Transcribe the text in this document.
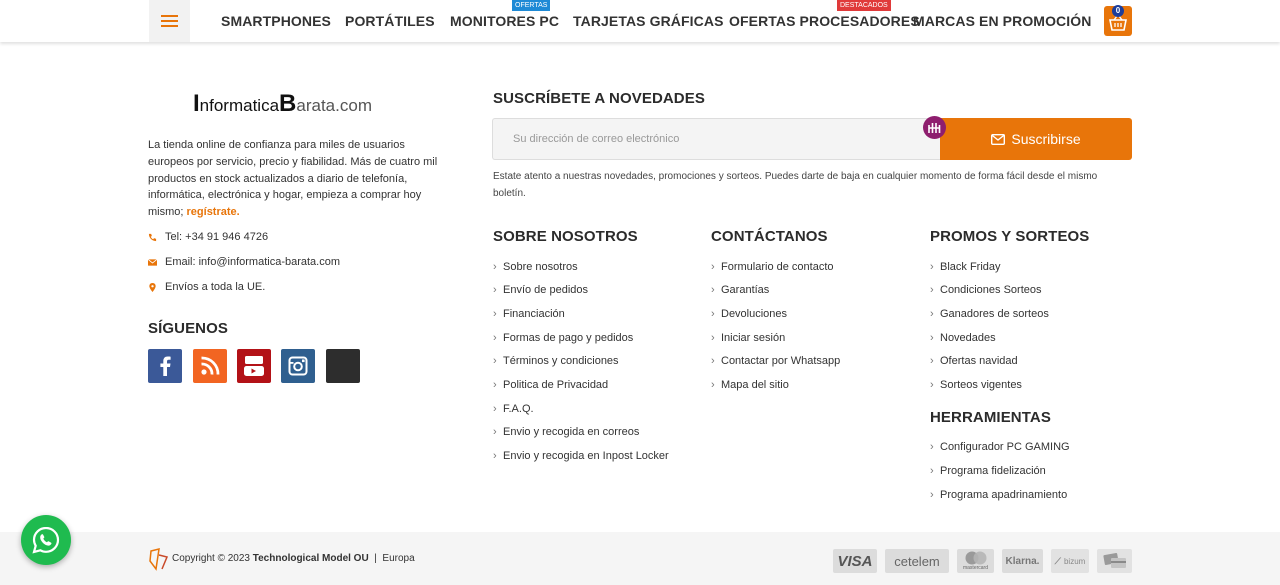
SMARTPHONES PORTÁTILES MONITORES PC
OFERTAS
TARJETAS GRÁFICAS OFERTAS PROCESADORES
DESTACADOS
MARCAS EN PROMOCIÓN
0
InformaticaBarata.com
La tienda online de confianza para miles de usuarios europeos por servicio, precio y fiabilidad. Más de cuatro mil productos en stock actualizados a diario de telefonía, informática, electrónica y hogar, empieza a comprar hoy mismo; regístrate.
Tel: +34 91 946 4726
Email: info@informatica-barata.com
Envíos a toda la UE.
SÍGUENOS
SUSCRÍBETE A NOVEDADES
Su dirección de correo electrónico
Suscribirse
Estate atento a nuestras novedades, promociones y sorteos. Puedes darte de baja en cualquier momento de forma fácil desde el mismo boletín.
SOBRE NOSOTROS
› Sobre nosotros
› Envío de pedidos
› Financiación
› Formas de pago y pedidos
› Términos y condiciones
› Politica de Privacidad
› F.A.Q.
› Envio y recogida en correos
› Envio y recogida en Inpost Locker
CONTÁCTANOS
› Formulario de contacto
› Garantías
› Devoluciones
› Iniciar sesión
› Contactar por Whatsapp
› Mapa del sitio
PROMOS Y SORTEOS
› Black Friday
› Condiciones Sorteos
› Ganadores de sorteos
› Novedades
› Ofertas navidad
› Sorteos vigentes
HERRAMIENTAS
› Configurador PC GAMING
› Programa fidelización
› Programa apadrinamiento
Copyright © 2023 Technological Model OU | Europa	VISA	cetelem	mastercard
Klarna.	⟋ bizum
